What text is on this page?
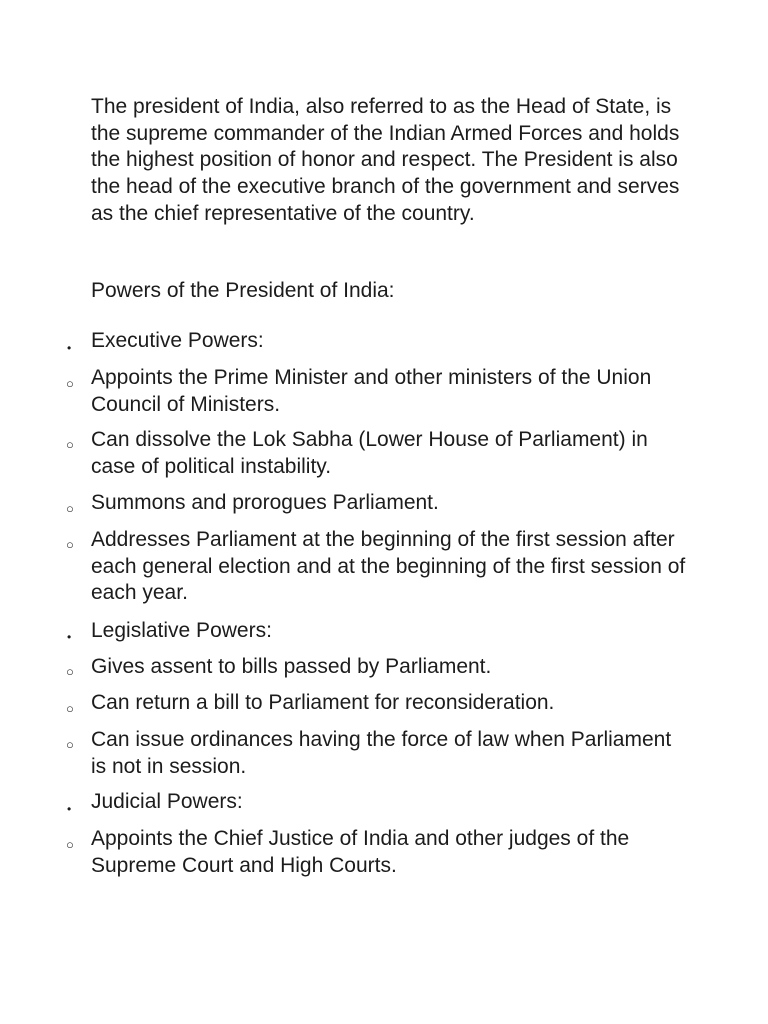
The president of India, also referred to as the Head of State, is the supreme commander of the Indian Armed Forces and holds the highest position of honor and respect. The President is also the head of the executive branch of the government and serves as the chief representative of the country.

Powers of the President of India:

• Executive Powers:

○ Appoints the Prime Minister and other ministers of the Union Council of Ministers.

○ Can dissolve the Lok Sabha (Lower House of Parliament) in case of political instability.

○ Summons and prorogues Parliament.

○ Addresses Parliament at the beginning of the first session after each general election and at the beginning of the first session of each year.

• Legislative Powers:

○ Gives assent to bills passed by Parliament.

○ Can return a bill to Parliament for reconsideration.

○ Can issue ordinances having the force of law when Parliament is not in session.

• Judicial Powers:

○ Appoints the Chief Justice of India and other judges of the Supreme Court and High Courts.
